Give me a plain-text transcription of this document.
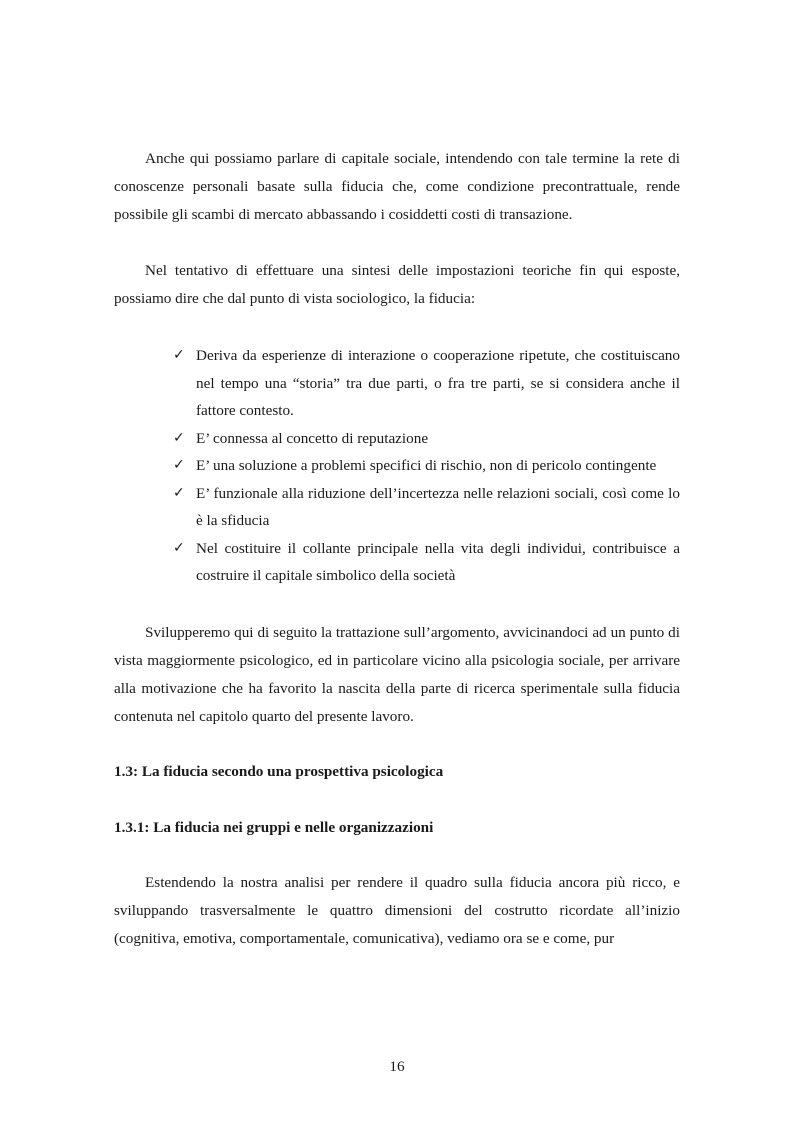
Anche qui possiamo parlare di capitale sociale, intendendo con tale termine la rete di conoscenze personali basate sulla fiducia che, come condizione precontrattuale, rende possibile gli scambi di mercato abbassando i cosiddetti costi di transazione.

Nel tentativo di effettuare una sintesi delle impostazioni teoriche fin qui esposte, possiamo dire che dal punto di vista sociologico, la fiducia:

✓ Deriva da esperienze di interazione o cooperazione ripetute, che costituiscano nel tempo una “storia” tra due parti, o fra tre parti, se si considera anche il fattore contesto.
✓ E’ connessa al concetto di reputazione
✓ E’ una soluzione a problemi specifici di rischio, non di pericolo contingente
✓ E’ funzionale alla riduzione dell’incertezza nelle relazioni sociali, così come lo è la sfiducia
✓ Nel costituire il collante principale nella vita degli individui, contribuisce a costruire il capitale simbolico della società

Svilupperemo qui di seguito la trattazione sull’argomento, avvicinandoci ad un punto di vista maggiormente psicologico, ed in particolare vicino alla psicologia sociale, per arrivare alla motivazione che ha favorito la nascita della parte di ricerca sperimentale sulla fiducia contenuta nel capitolo quarto del presente lavoro.

1.3: La fiducia secondo una prospettiva psicologica
1.3.1: La fiducia nei gruppi e nelle organizzazioni

Estendendo la nostra analisi per rendere il quadro sulla fiducia ancora più ricco, e sviluppando trasversalmente le quattro dimensioni del costrutto ricordate all’inizio (cognitiva, emotiva, comportamentale, comunicativa), vediamo ora se e come, pur

16
